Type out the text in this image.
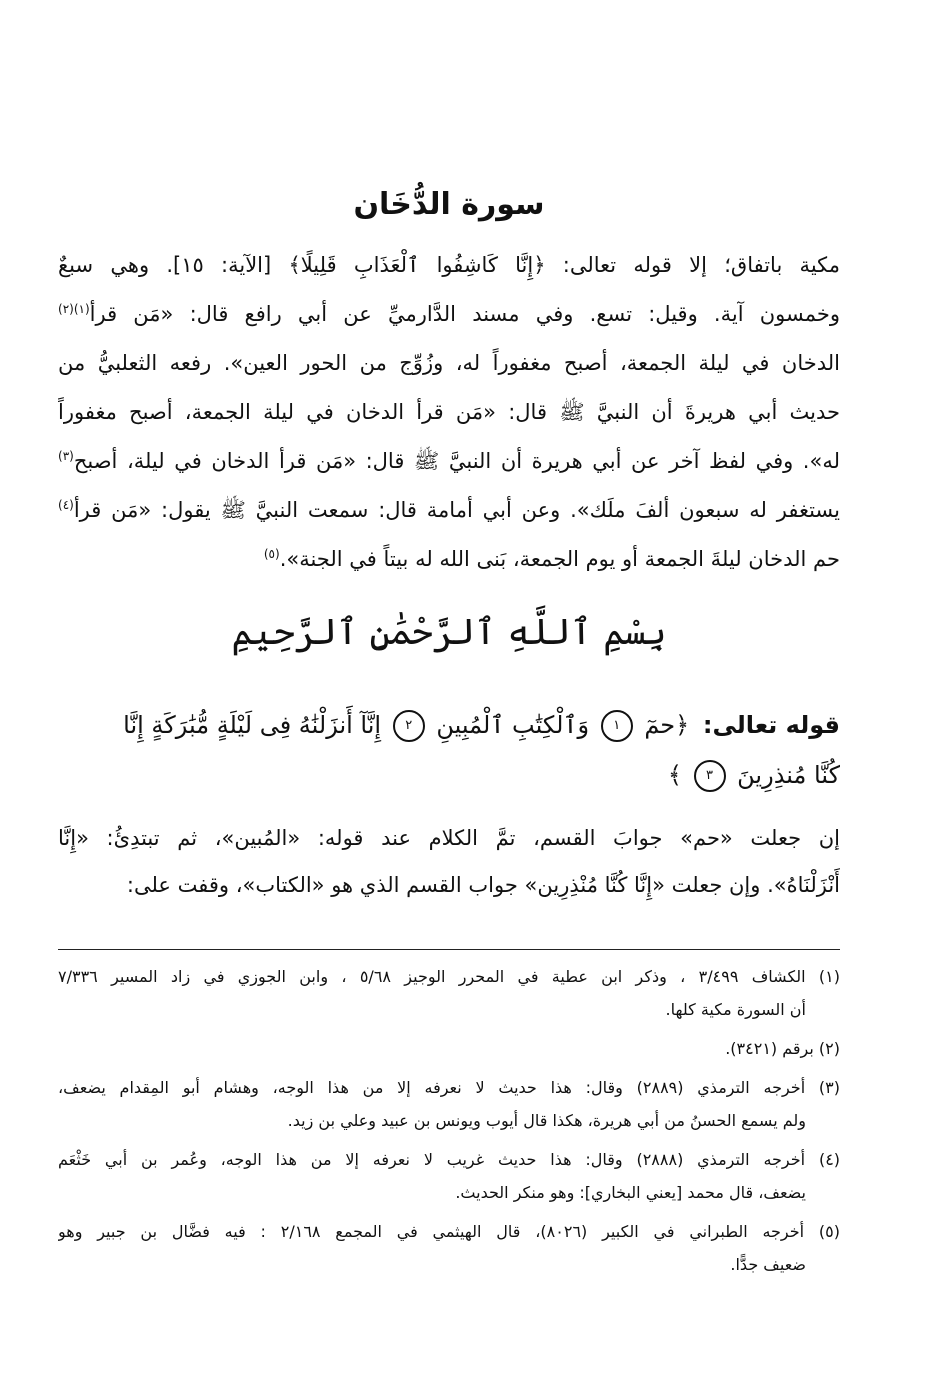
سورة الدُّخَان
مكية باتفاق؛ إلا قوله تعالى: ﴿إِنَّا كَاشِفُوا ٱلْعَذَابِ قَلِيلًا﴾ [الآية: ١٥]. وهي سبعٌ
وخمسون آية. وقيل: تسع. وفي مسند الدَّارميِّ عن أبي رافع قال: «مَن قرأ$^{(١)(٢)}$
الدخان في ليلة الجمعة، أصبح مغفوراً له، وزُوِّج من الحور العين». رفعه الثعلبيُّ من
حديث أبي هريرةَ أن النبيَّ ﷺ قال: «مَن قرأ الدخان في ليلة الجمعة، أصبح مغفوراً
له». وفي لفظ آخر عن أبي هريرة أن النبيَّ ﷺ قال: «مَن قرأ الدخان في ليلة، أصبح$^{(٣)}$
يستغفر له سبعون ألفَ ملَك». وعن أبي أمامة قال: سمعت النبيَّ ﷺ يقول: «مَن قرأ$^{(٤)}$
حم الدخان ليلةَ الجمعة أو يوم الجمعة، بَنى الله له بيتاً في الجنة».$^{(٥)}$
بِسْمِ ٱللَّهِ ٱلرَّحْمَٰنِ ٱلرَّحِيمِ
قوله تعالى: ﴿حمٓ ١ وَٱلْكِتَٰبِ ٱلْمُبِينِ ٢ إِنَّآ أَنزَلْنَٰهُ فِى لَيْلَةٍ مُّبَٰرَكَةٍ إِنَّا
كُنَّا مُنذِرِينَ ٣ ﴾
إن جعلت «حم» جوابَ القسم، تمَّ الكلام عند قوله: «المُبين»، ثم تبتدِئُ: «إِنَّا
أَنْزَلْنَاهُ». وإن جعلت «إِنَّا كُنَّا مُنْذِرِين» جواب القسم الذي هو «الكتاب»، وقفت على:
(١) الكشاف ٣/٤٩٩ ، وذكر ابن عطية في المحرر الوجيز ٥/٦٨ ، وابن الجوزي في زاد المسير ٧/٣٣٦
أن السورة مكية كلها.
(٢) برقم (٣٤٢١).
(٣) أخرجه الترمذي (٢٨٨٩) وقال: هذا حديث لا نعرفه إلا من هذا الوجه، وهشام أبو المِقدام يضعف،
ولم يسمع الحسنُ من أبي هريرة، هكذا قال أيوب ويونس بن عبيد وعلي بن زيد.
(٤) أخرجه الترمذي (٢٨٨٨) وقال: هذا حديث غريب لا نعرفه إلا من هذا الوجه، وعُمر بن أبي خَثْعَم
يضعف، قال محمد [يعني البخاري]: وهو منكر الحديث.
(٥) أخرجه الطبراني في الكبير (٨٠٢٦)، قال الهيثمي في المجمع ٢/١٦٨ : فيه فضَّال بن جبير وهو
ضعيف جدًّا.
